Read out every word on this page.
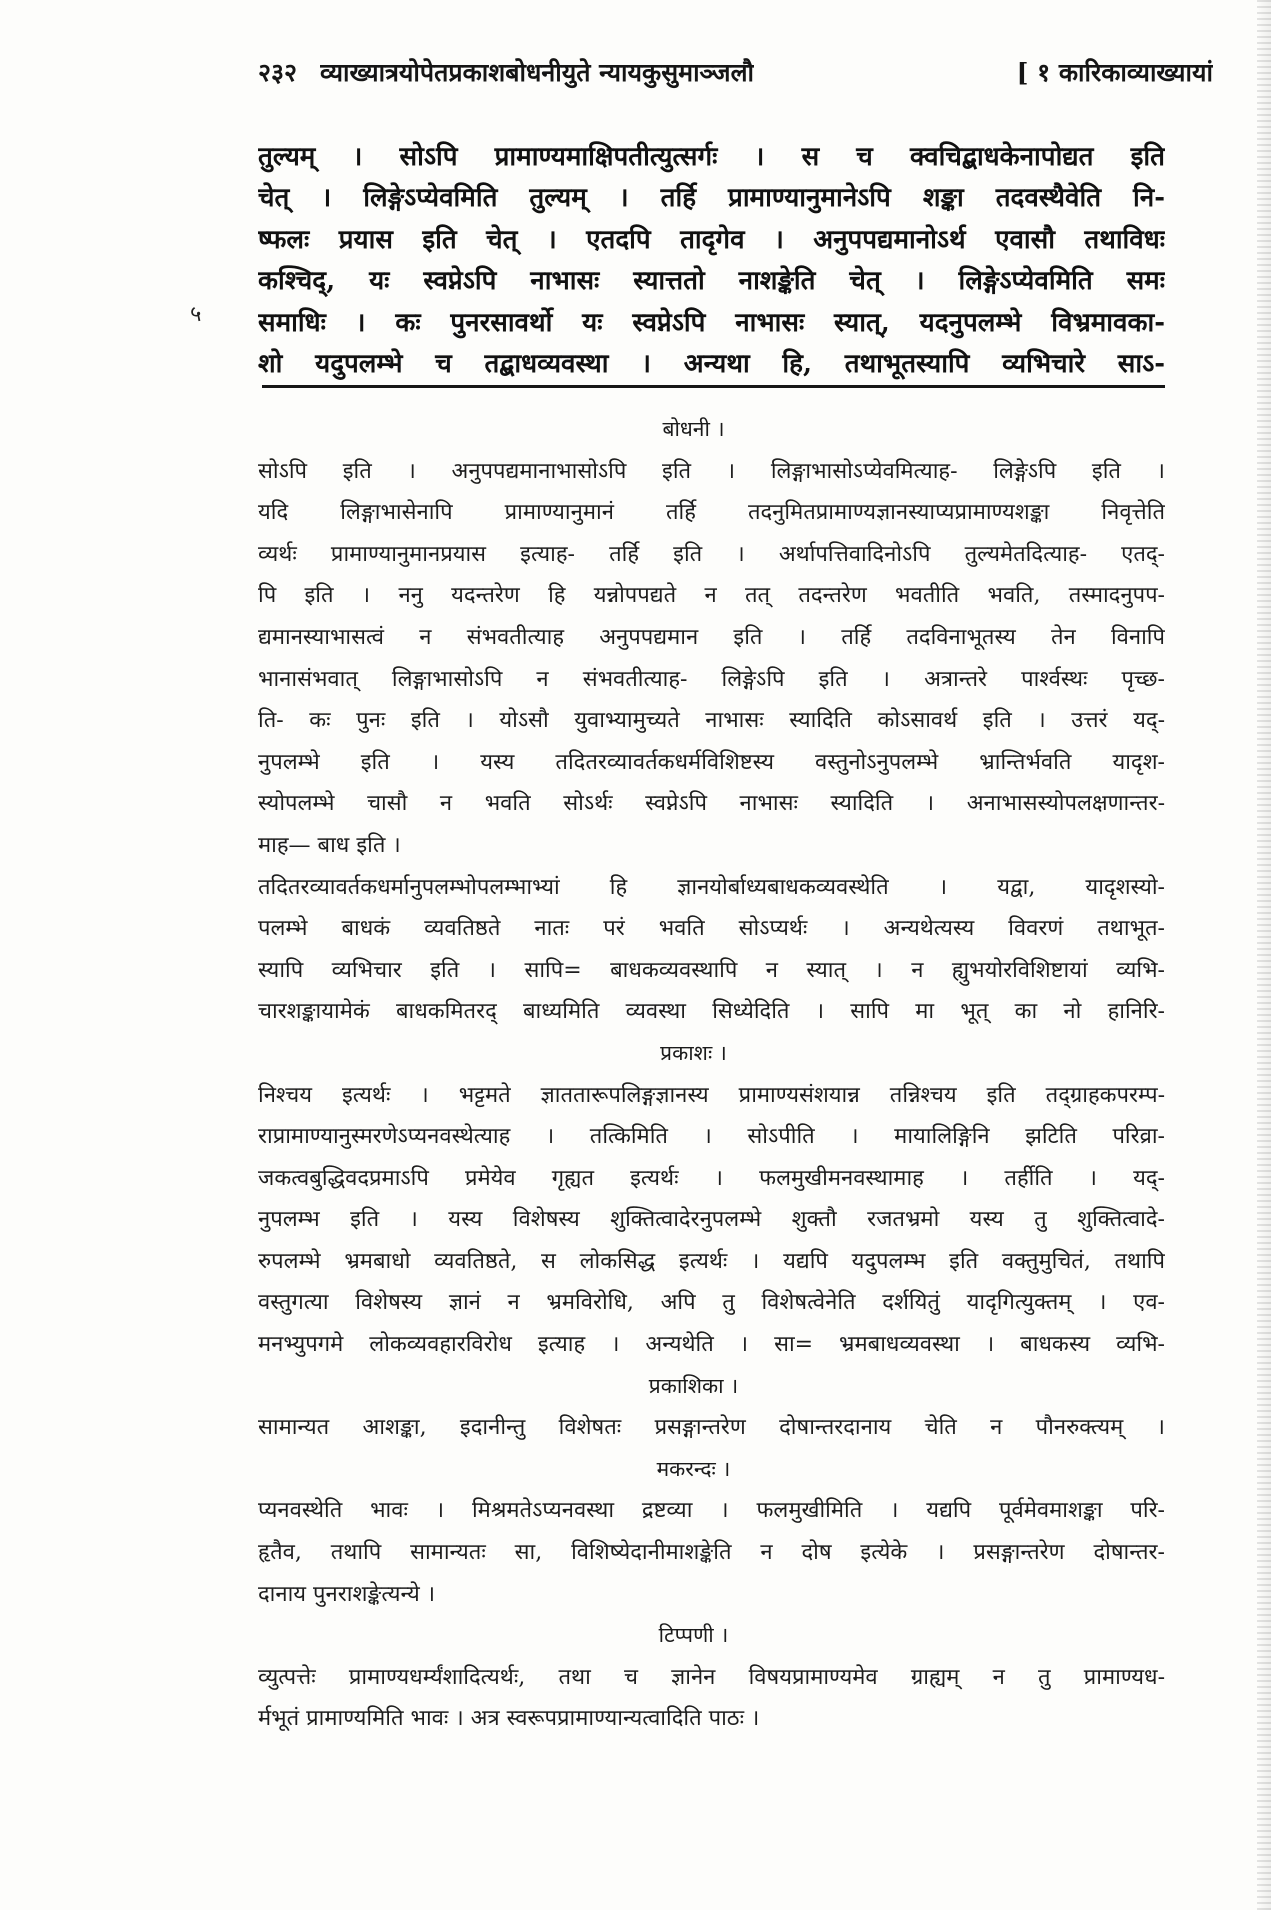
२३२ व्याख्यात्रयोपेतप्रकाशबोधनीयुते न्यायकुसुमाञ्जलौ	[ १ कारिकाव्याख्यायां
५
तुल्यम् । सोऽपि प्रामाण्यमाक्षिपतीत्युत्सर्गः । स च क्वचिद्बाधकेनापोद्यत इति
चेत् । लिङ्गेऽप्येवमिति तुल्यम् । तर्हि प्रामाण्यानुमानेऽपि शङ्का तदवस्थैवेति नि-
ष्फलः प्रयास इति चेत् । एतदपि तादृगेव । अनुपपद्यमानोऽर्थ एवासौ तथाविधः
कश्चिद्, यः स्वप्नेऽपि नाभासः स्यात्ततो नाशङ्केति चेत् । लिङ्गेऽप्येवमिति समः
समाधिः । कः पुनरसावर्थो यः स्वप्नेऽपि नाभासः स्यात्, यदनुपलम्भे विभ्रमावका-
शो यदुपलम्भे च तद्बाधव्यवस्था । अन्यथा हि, तथाभूतस्यापि व्यभिचारे साऽ-
बोधनी ।
सोऽपि इति । अनुपपद्यमानाभासोऽपि इति । लिङ्गाभासोऽप्येवमित्याह- लिङ्गेऽपि इति ।
यदि लिङ्गाभासेनापि प्रामाण्यानुमानं तर्हि तदनुमितप्रामाण्यज्ञानस्याप्यप्रामाण्यशङ्का निवृत्तेति
व्यर्थः प्रामाण्यानुमानप्रयास इत्याह- तर्हि इति । अर्थापत्तिवादिनोऽपि तुल्यमेतदित्याह- एतद्-
पि इति । ननु यदन्तरेण हि यन्नोपपद्यते न तत् तदन्तरेण भवतीति भवति, तस्मादनुपप-
द्यमानस्याभासत्वं न संभवतीत्याह अनुपपद्यमान इति । तर्हि तदविनाभूतस्य तेन विनापि
भानासंभवात् लिङ्गाभासोऽपि न संभवतीत्याह- लिङ्गेऽपि इति । अत्रान्तरे पार्श्वस्थः पृच्छ-
ति- कः पुनः इति । योऽसौ युवाभ्यामुच्यते नाभासः स्यादिति कोऽसावर्थ इति । उत्तरं यद्-
नुपलम्भे इति । यस्य तदितरव्यावर्तकधर्मविशिष्टस्य वस्तुनोऽनुपलम्भे भ्रान्तिर्भवति यादृश-
स्योपलम्भे चासौ न भवति सोऽर्थः स्वप्नेऽपि नाभासः स्यादिति । अनाभासस्योपलक्षणान्तर-
माह— बाध इति ।
तदितरव्यावर्तकधर्मानुपलम्भोपलम्भाभ्यां हि ज्ञानयोर्बाध्यबाधकव्यवस्थेति । यद्वा, यादृशस्यो-
पलम्भे बाधकं व्यवतिष्ठते नातः परं भवति सोऽप्यर्थः । अन्यथेत्यस्य विवरणं तथाभूत-
स्यापि व्यभिचार इति । सापि= बाधकव्यवस्थापि न स्यात् । न ह्युभयोरविशिष्टायां व्यभि-
चारशङ्कायामेकं बाधकमितरद् बाध्यमिति व्यवस्था सिध्येदिति । सापि मा भूत् का नो हानिरि-
प्रकाशः ।
निश्चय इत्यर्थः । भट्टमते ज्ञाततारूपलिङ्गज्ञानस्य प्रामाण्यसंशयान्न तन्निश्चय इति तद्ग्राहकपरम्प-
राप्रामाण्यानुस्मरणेऽप्यनवस्थेत्याह । तत्किमिति । सोऽपीति । मायालिङ्गिनि झटिति परिव्रा-
जकत्वबुद्धिवदप्रमाऽपि प्रमेयेव गृह्यत इत्यर्थः । फलमुखीमनवस्थामाह । तर्हीति । यद्-
नुपलम्भ इति । यस्य विशेषस्य शुक्तित्वादेरनुपलम्भे शुक्तौ रजतभ्रमो यस्य तु शुक्तित्वादे-
रुपलम्भे भ्रमबाधो व्यवतिष्ठते, स लोकसिद्ध इत्यर्थः । यद्यपि यदुपलम्भ इति वक्तुमुचितं, तथापि
वस्तुगत्या विशेषस्य ज्ञानं न भ्रमविरोधि, अपि तु विशेषत्वेनेति दर्शयितुं यादृगित्युक्तम् । एव-
मनभ्युपगमे लोकव्यवहारविरोध इत्याह । अन्यथेति । सा= भ्रमबाधव्यवस्था । बाधकस्य व्यभि-
प्रकाशिका ।
सामान्यत आशङ्का, इदानीन्तु विशेषतः प्रसङ्गान्तरेण दोषान्तरदानाय चेति न पौनरुक्त्यम् ।
मकरन्दः ।
प्यनवस्थेति भावः । मिश्रमतेऽप्यनवस्था द्रष्टव्या । फलमुखीमिति । यद्यपि पूर्वमेवमाशङ्का परि-
हृतैव, तथापि सामान्यतः सा, विशिष्येदानीमाशङ्केति न दोष इत्येके । प्रसङ्गान्तरेण दोषान्तर-
दानाय पुनराशङ्केत्यन्ये ।
टिप्पणी ।
व्युत्पत्तेः प्रामाण्यधर्म्यंशादित्यर्थः, तथा च ज्ञानेन विषयप्रामाण्यमेव ग्राह्यम् न तु प्रामाण्यध-
र्मभूतं प्रामाण्यमिति भावः । अत्र स्वरूपप्रामाण्यान्यत्वादिति पाठः ।
